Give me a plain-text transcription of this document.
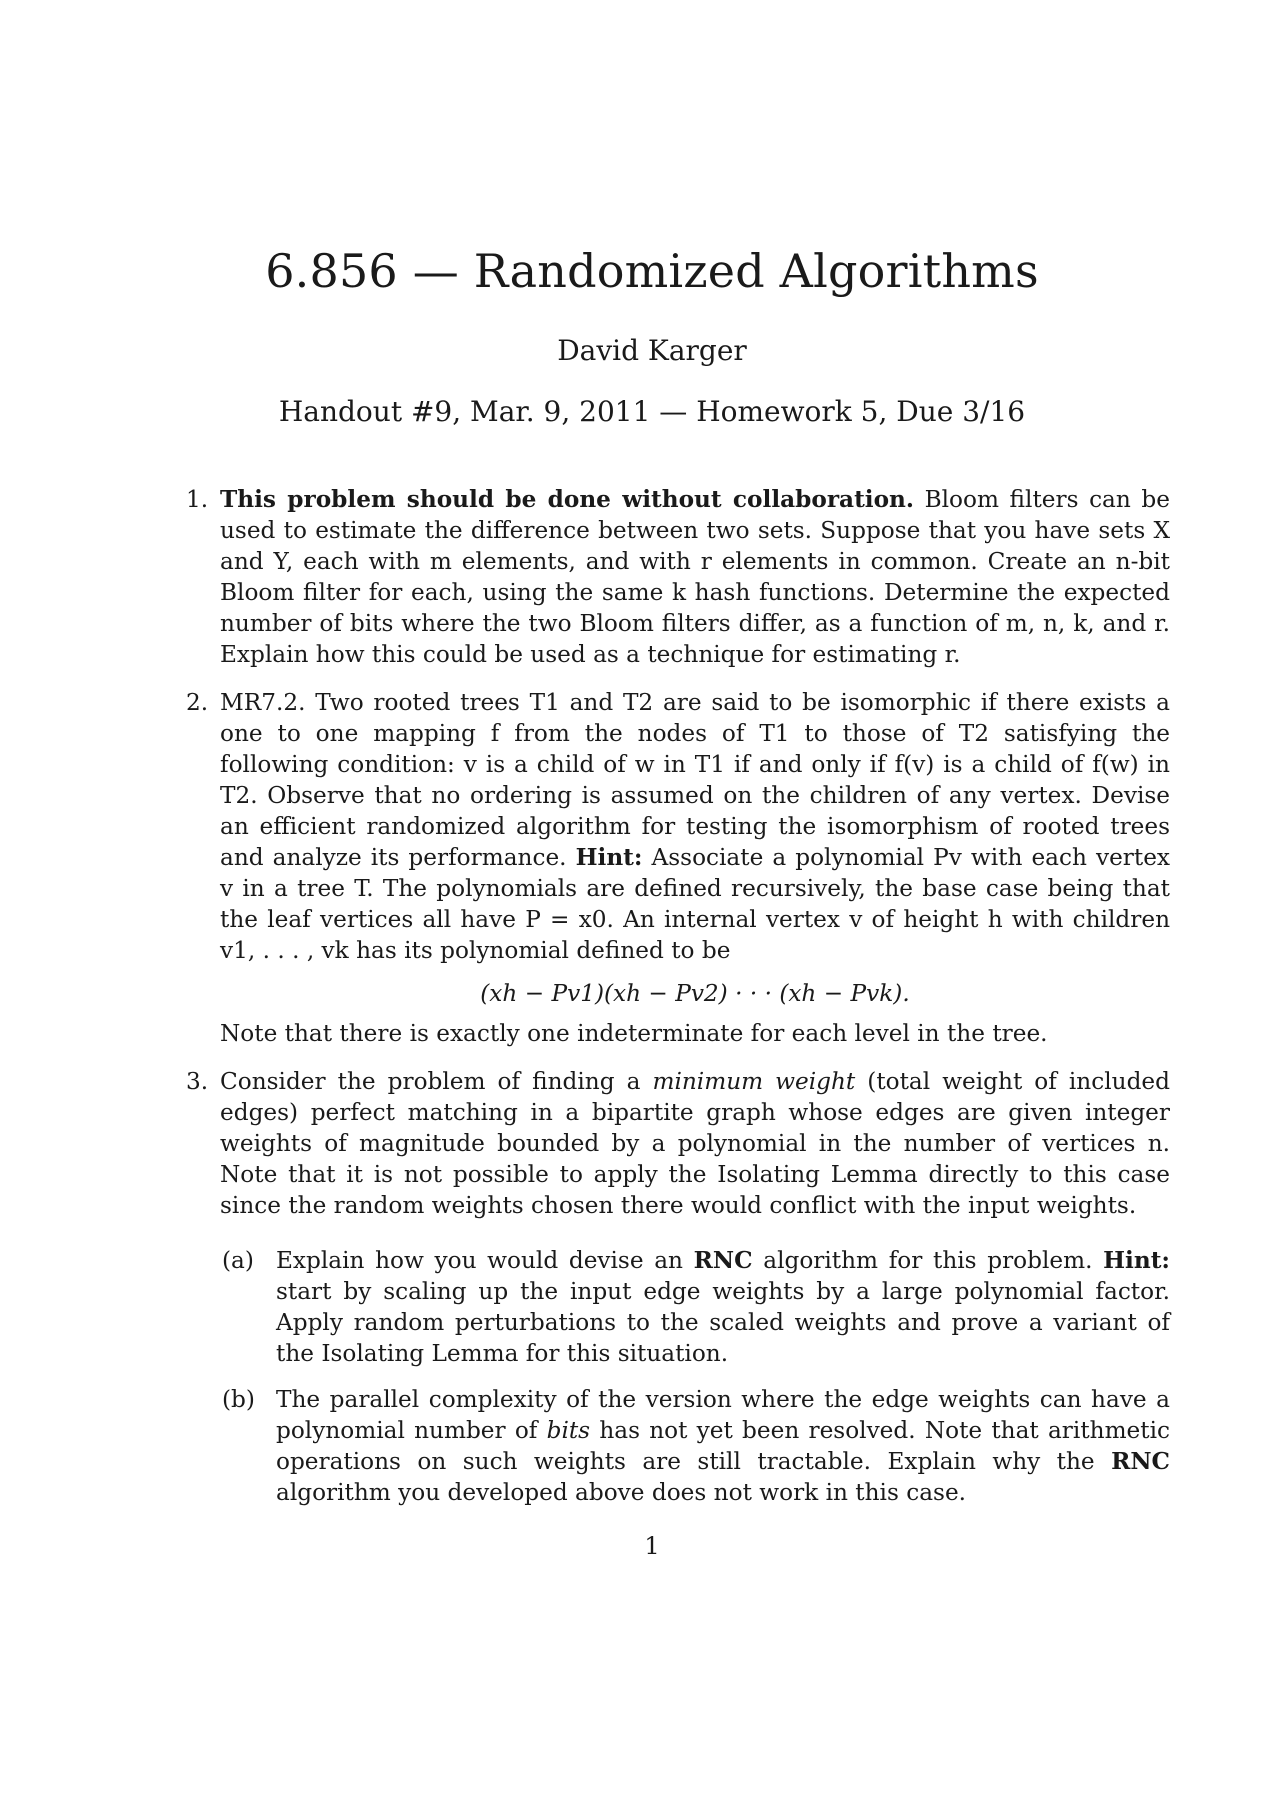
6.856 — Randomized Algorithms
David Karger
Handout #9, Mar. 9, 2011 — Homework 5, Due 3/16
1. This problem should be done without collaboration. Bloom filters can be used to estimate the difference between two sets. Suppose that you have sets X and Y, each with m elements, and with r elements in common. Create an n-bit Bloom filter for each, using the same k hash functions. Determine the expected number of bits where the two Bloom filters differ, as a function of m, n, k, and r. Explain how this could be used as a technique for estimating r.

2. MR7.2. Two rooted trees T1 and T2 are said to be isomorphic if there exists a one to one mapping f from the nodes of T1 to those of T2 satisfying the following condition: v is a child of w in T1 if and only if f(v) is a child of f(w) in T2. Observe that no ordering is assumed on the children of any vertex. Devise an efficient randomized algorithm for testing the isomorphism of rooted trees and analyze its performance. Hint: Associate a polynomial Pv with each vertex v in a tree T. The polynomials are defined recursively, the base case being that the leaf vertices all have P = x0. An internal vertex v of height h with children v1, . . . , vk has its polynomial defined to be

(xh − Pv1)(xh − Pv2) · · · (xh − Pvk).

Note that there is exactly one indeterminate for each level in the tree.

3. Consider the problem of finding a minimum weight (total weight of included edges) perfect matching in a bipartite graph whose edges are given integer weights of magnitude bounded by a polynomial in the number of vertices n. Note that it is not possible to apply the Isolating Lemma directly to this case since the random weights chosen there would conflict with the input weights.

(a) Explain how you would devise an RNC algorithm for this problem. Hint: start by scaling up the input edge weights by a large polynomial factor. Apply random perturbations to the scaled weights and prove a variant of the Isolating Lemma for this situation.
(b) The parallel complexity of the version where the edge weights can have a polynomial number of bits has not yet been resolved. Note that arithmetic operations on such weights are still tractable. Explain why the RNC algorithm you developed above does not work in this case.
1
